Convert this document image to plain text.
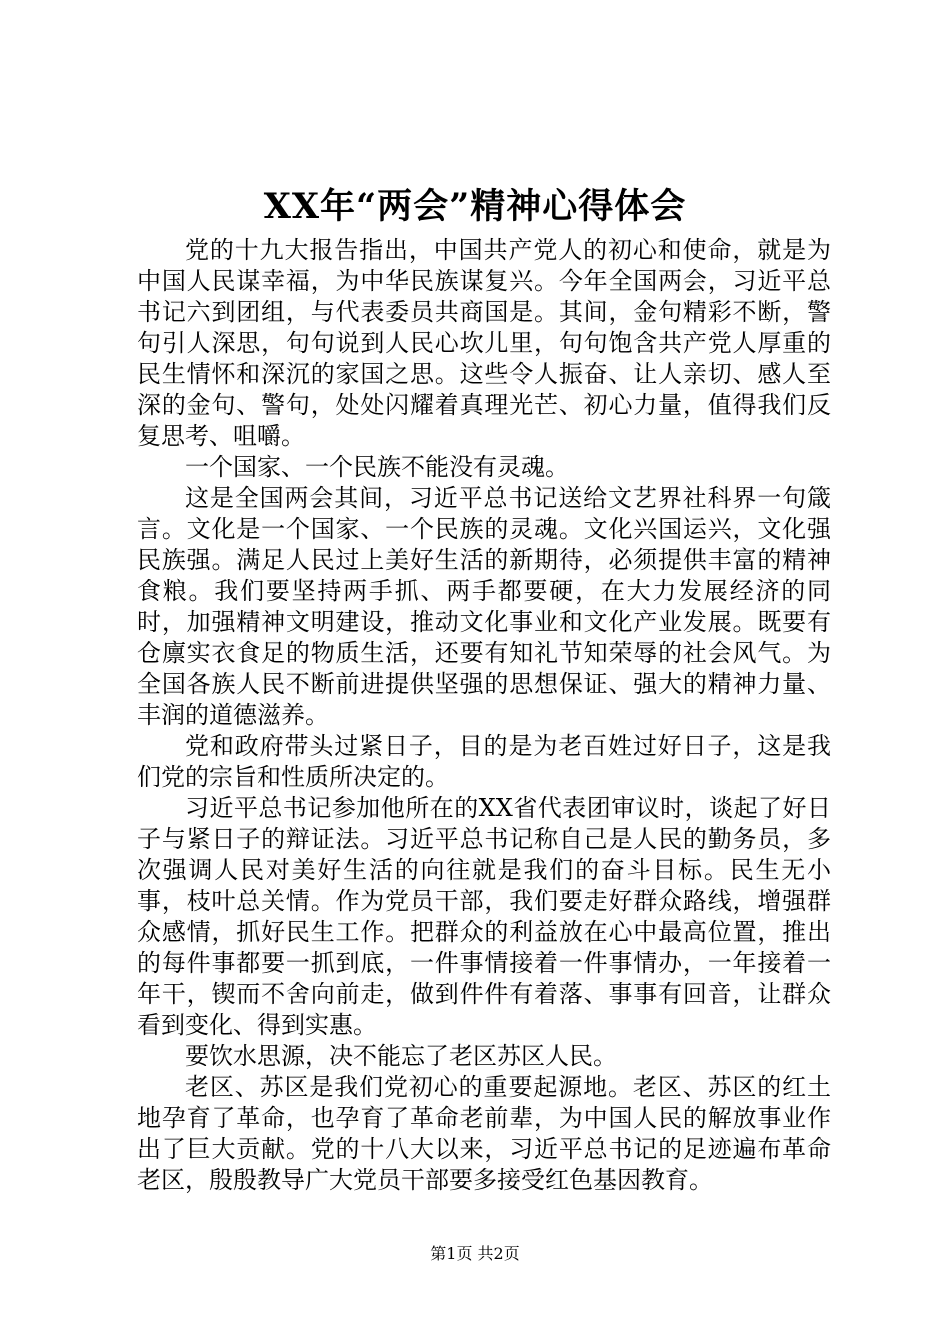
XX年“两会”精神心得体会

党的十九大报告指出，中国共产党人的初心和使命，就是为中国人民谋幸福，为中华民族谋复兴。今年全国两会，习近平总书记六到团组，与代表委员共商国是。其间，金句精彩不断，警句引人深思，句句说到人民心坎儿里，句句饱含共产党人厚重的民生情怀和深沉的家国之思。这些令人振奋、让人亲切、感人至深的金句、警句，处处闪耀着真理光芒、初心力量，值得我们反复思考、咀嚼。

一个国家、一个民族不能没有灵魂。

这是全国两会其间，习近平总书记送给文艺界社科界一句箴言。文化是一个国家、一个民族的灵魂。文化兴国运兴，文化强民族强。满足人民过上美好生活的新期待，必须提供丰富的精神食粮。我们要坚持两手抓、两手都要硬，在大力发展经济的同时，加强精神文明建设，推动文化事业和文化产业发展。既要有仓廪实衣食足的物质生活，还要有知礼节知荣辱的社会风气。为全国各族人民不断前进提供坚强的思想保证、强大的精神力量、丰润的道德滋养。

党和政府带头过紧日子，目的是为老百姓过好日子，这是我们党的宗旨和性质所决定的。

习近平总书记参加他所在的XX省代表团审议时，谈起了好日子与紧日子的辩证法。习近平总书记称自己是人民的勤务员，多次强调人民对美好生活的向往就是我们的奋斗目标。民生无小事，枝叶总关情。作为党员干部，我们要走好群众路线，增强群众感情，抓好民生工作。把群众的利益放在心中最高位置，推出的每件事都要一抓到底，一件事情接着一件事情办，一年接着一年干，锲而不舍向前走，做到件件有着落、事事有回音，让群众看到变化、得到实惠。

要饮水思源，决不能忘了老区苏区人民。

老区、苏区是我们党初心的重要起源地。老区、苏区的红土地孕育了革命，也孕育了革命老前辈，为中国人民的解放事业作出了巨大贡献。党的十八大以来，习近平总书记的足迹遍布革命老区，殷殷教导广大党员干部要多接受红色基因教育。

第1页 共2页
